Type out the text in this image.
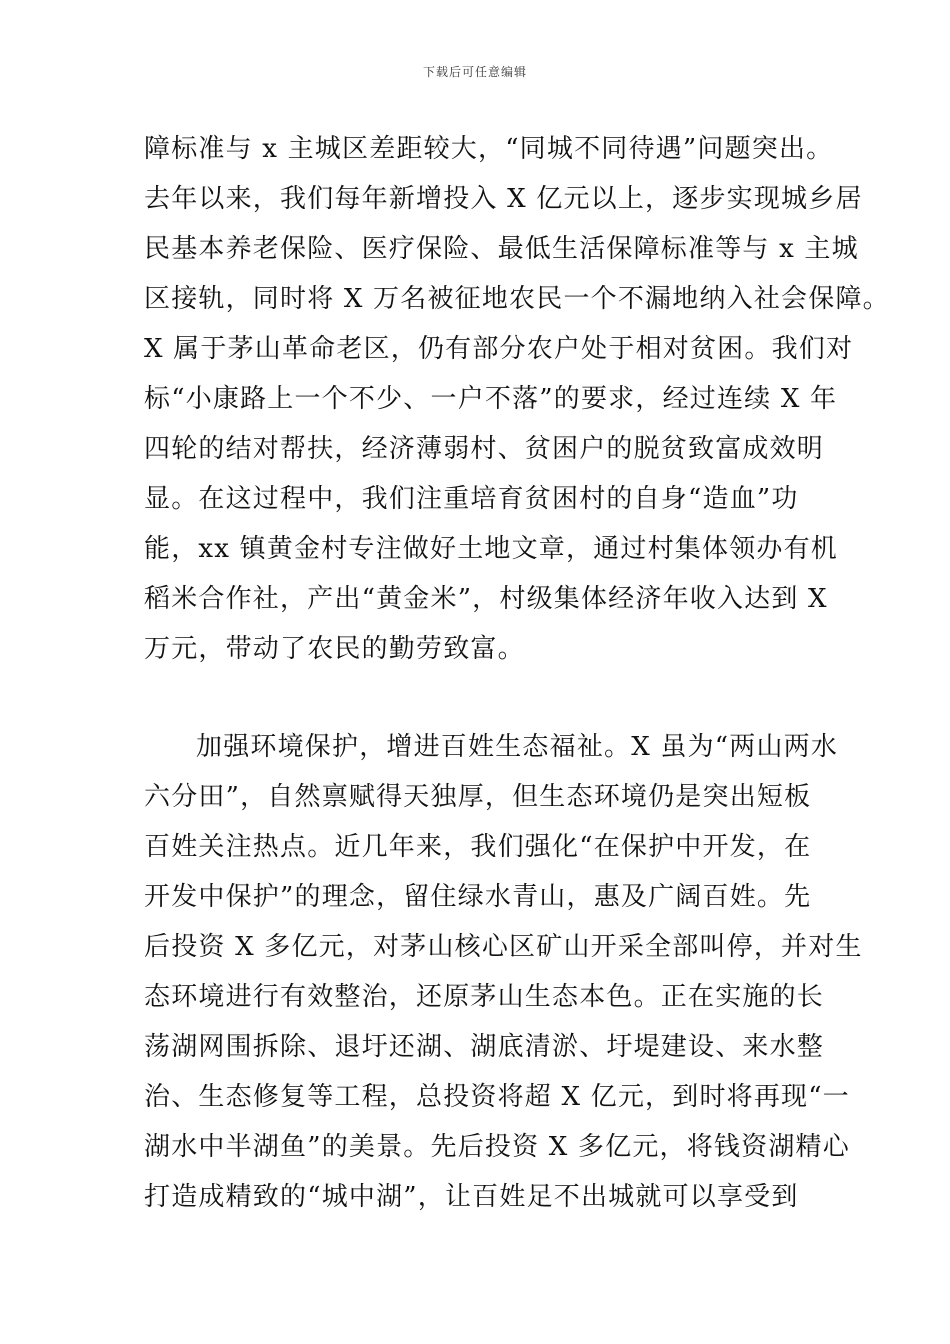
下载后可任意编辑
障标准与 x 主城区差距较大，“同城不同待遇”问题突出。
去年以来，我们每年新增投入 X 亿元以上，逐步实现城乡居
民基本养老保险、医疗保险、最低生活保障标准等与 x 主城
区接轨，同时将 X 万名被征地农民一个不漏地纳入社会保障。
X 属于茅山革命老区，仍有部分农户处于相对贫困。我们对
标“小康路上一个不少、一户不落”的要求，经过连续 X 年
四轮的结对帮扶，经济薄弱村、贫困户的脱贫致富成效明
显。在这过程中，我们注重培育贫困村的自身“造血”功
能，xx 镇黄金村专注做好土地文章，通过村集体领办有机
稻米合作社，产出“黄金米”，村级集体经济年收入达到 X
万元，带动了农民的勤劳致富。
加强环境保护，增进百姓生态福祉。X 虽为“两山两水
六分田”，自然禀赋得天独厚，但生态环境仍是突出短板
百姓关注热点。近几年来，我们强化“在保护中开发，在
开发中保护”的理念，留住绿水青山，惠及广阔百姓。先
后投资 X 多亿元，对茅山核心区矿山开采全部叫停，并对生
态环境进行有效整治，还原茅山生态本色。正在实施的长
荡湖网围拆除、退圩还湖、湖底清淤、圩堤建设、来水整
治、生态修复等工程，总投资将超 X 亿元，到时将再现“一
湖水中半湖鱼”的美景。先后投资 X 多亿元，将钱资湖精心
打造成精致的“城中湖”，让百姓足不出城就可以享受到
